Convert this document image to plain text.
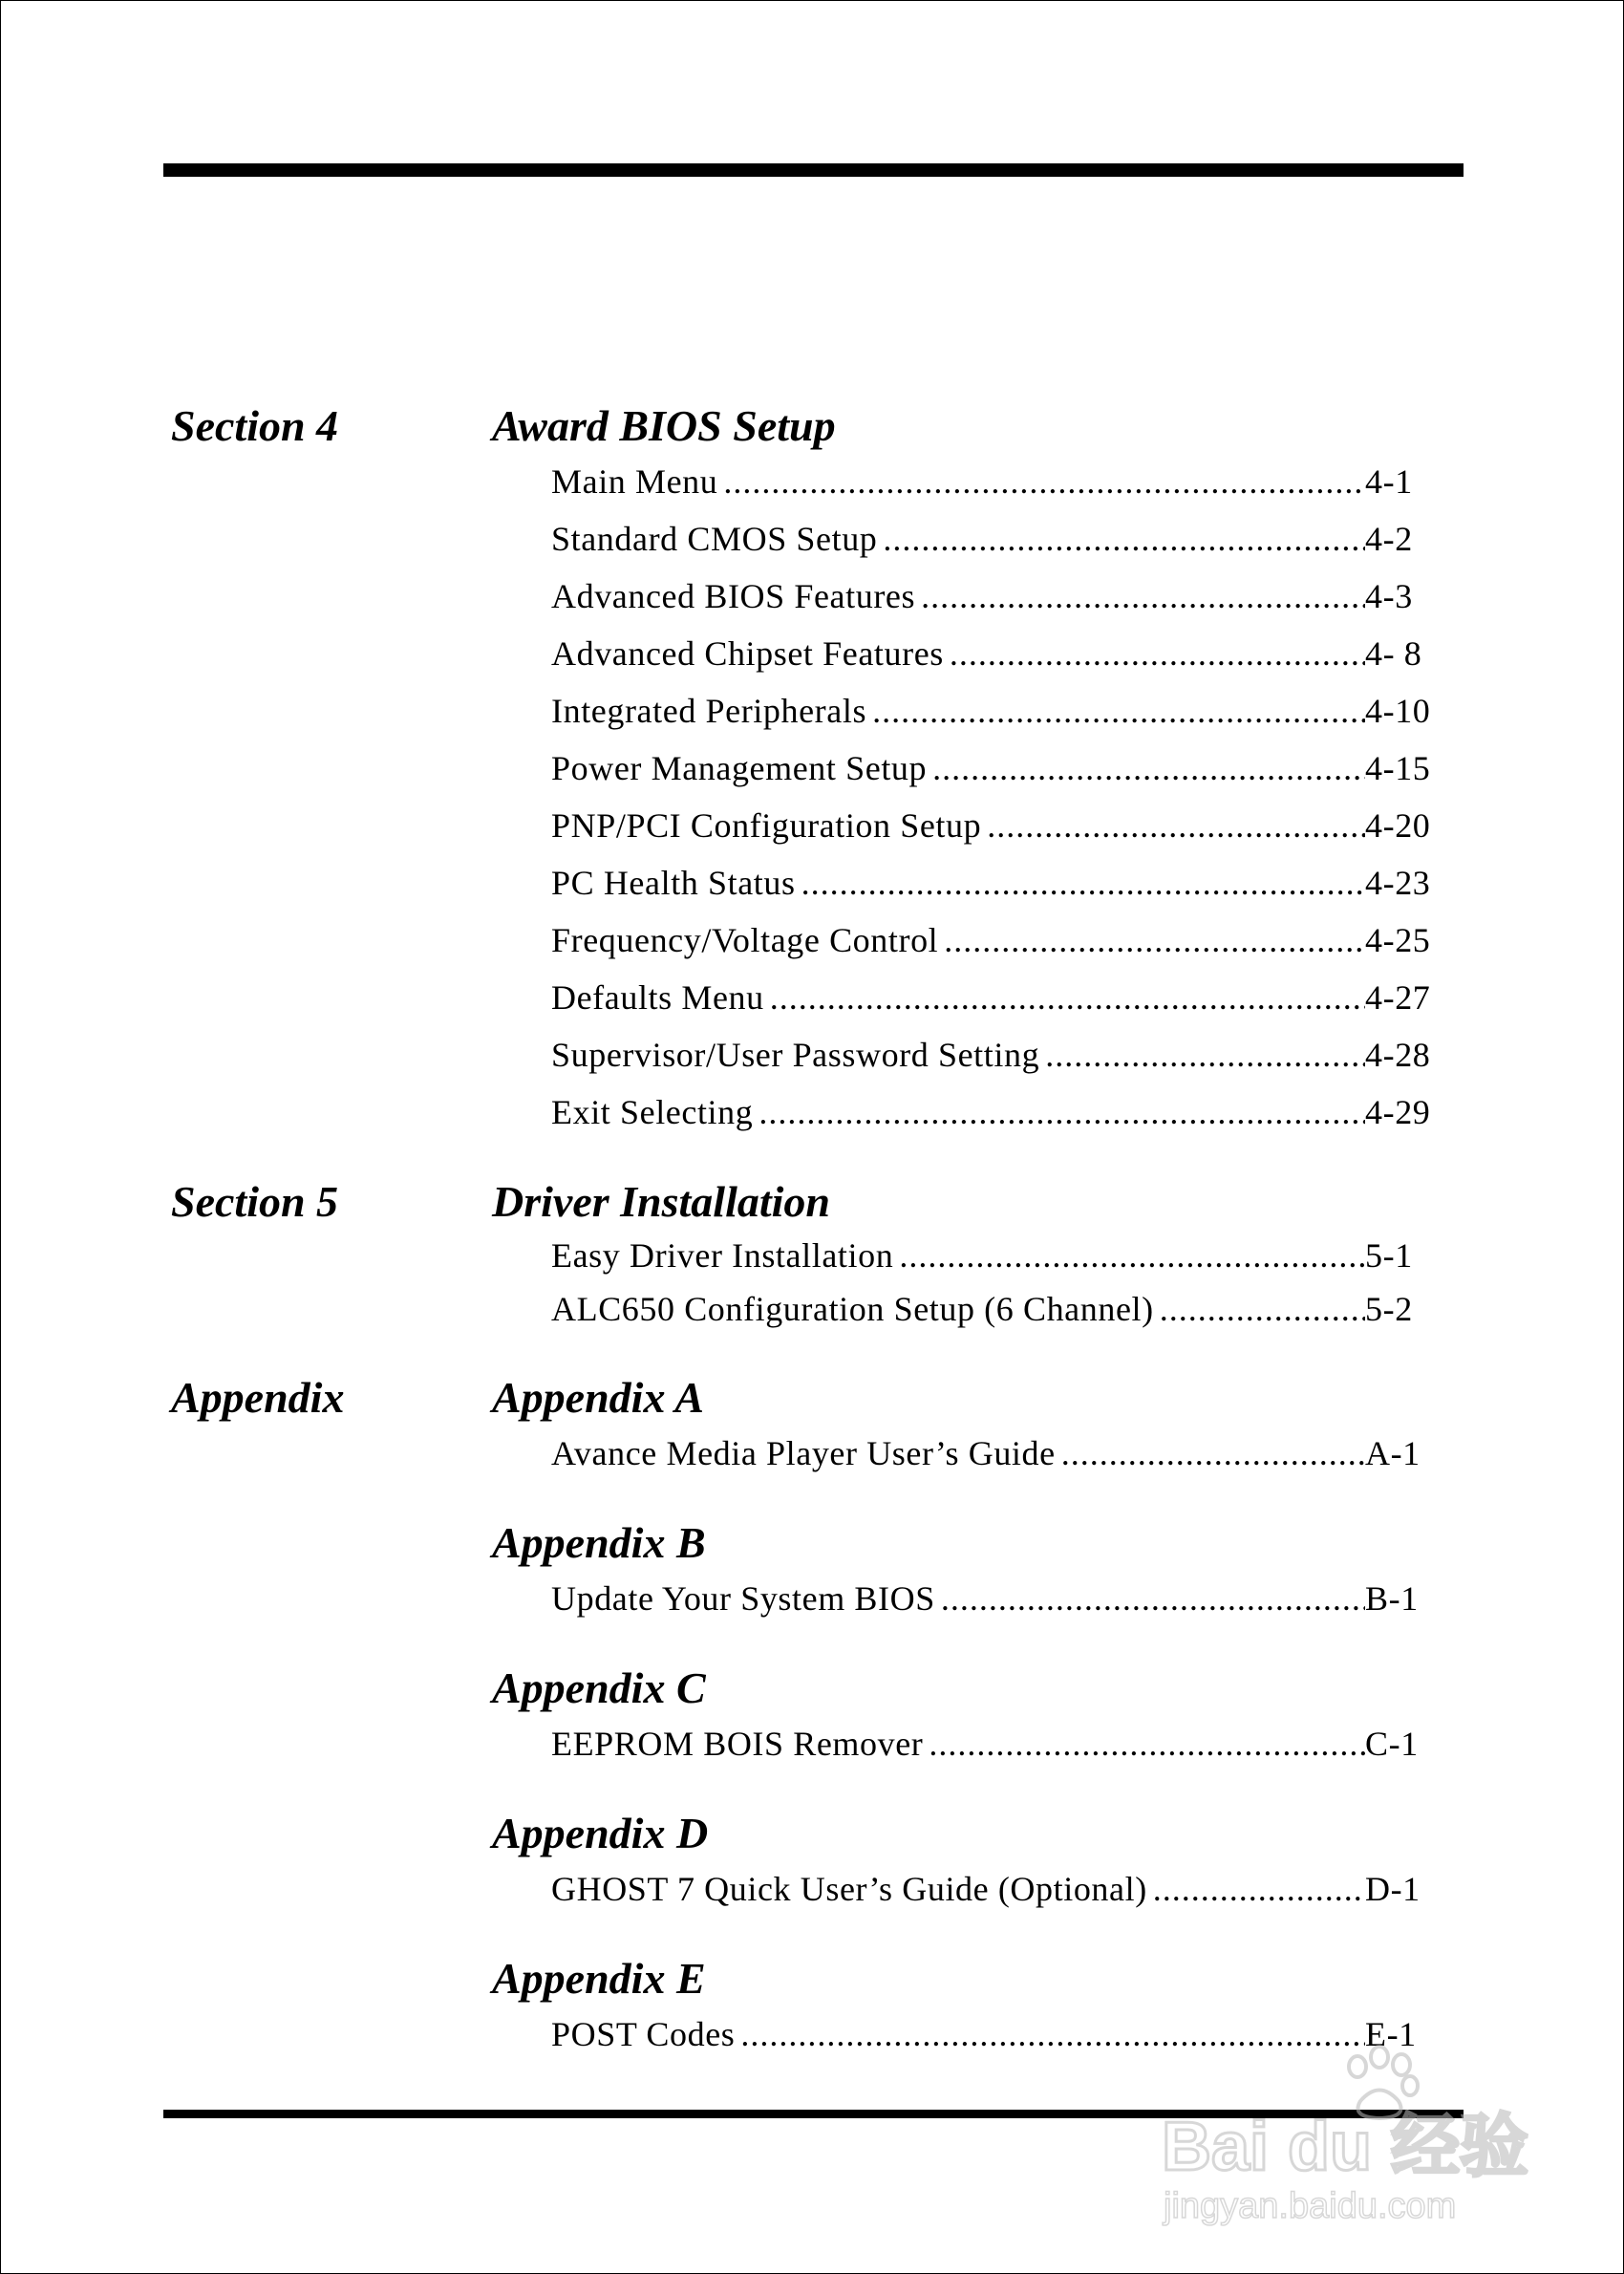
Section 4	Award BIOS Setup
Main Menu .....	4-1
Standard CMOS Setup .....	4-2
Advanced BIOS Features .....	4-3
Advanced Chipset Features .....	4- 8
Integrated Peripherals .....	4-10
Power Management Setup .....	4-15
PNP/PCI Configuration Setup .....	4-20
PC Health Status .....	4-23
Frequency/Voltage Control .....	4-25
Defaults Menu .....	4-27
Supervisor/User Password Setting .....	4-28
Exit Selecting .....	4-29
Section 5	Driver Installation
Easy Driver Installation .....	5-1
ALC650 Configuration Setup (6 Channel) .....	5-2
Appendix	Appendix A
Avance Media Player User’s Guide .....	A-1
Appendix B
Update Your System BIOS .....	B-1
Appendix C
EEPROM BOIS Remover .....	C-1
Appendix D
GHOST 7 Quick User’s Guide (Optional) .....	D-1
Appendix E
POST Codes .....	E-1
Bai du 经验
jingyan.baidu.com
